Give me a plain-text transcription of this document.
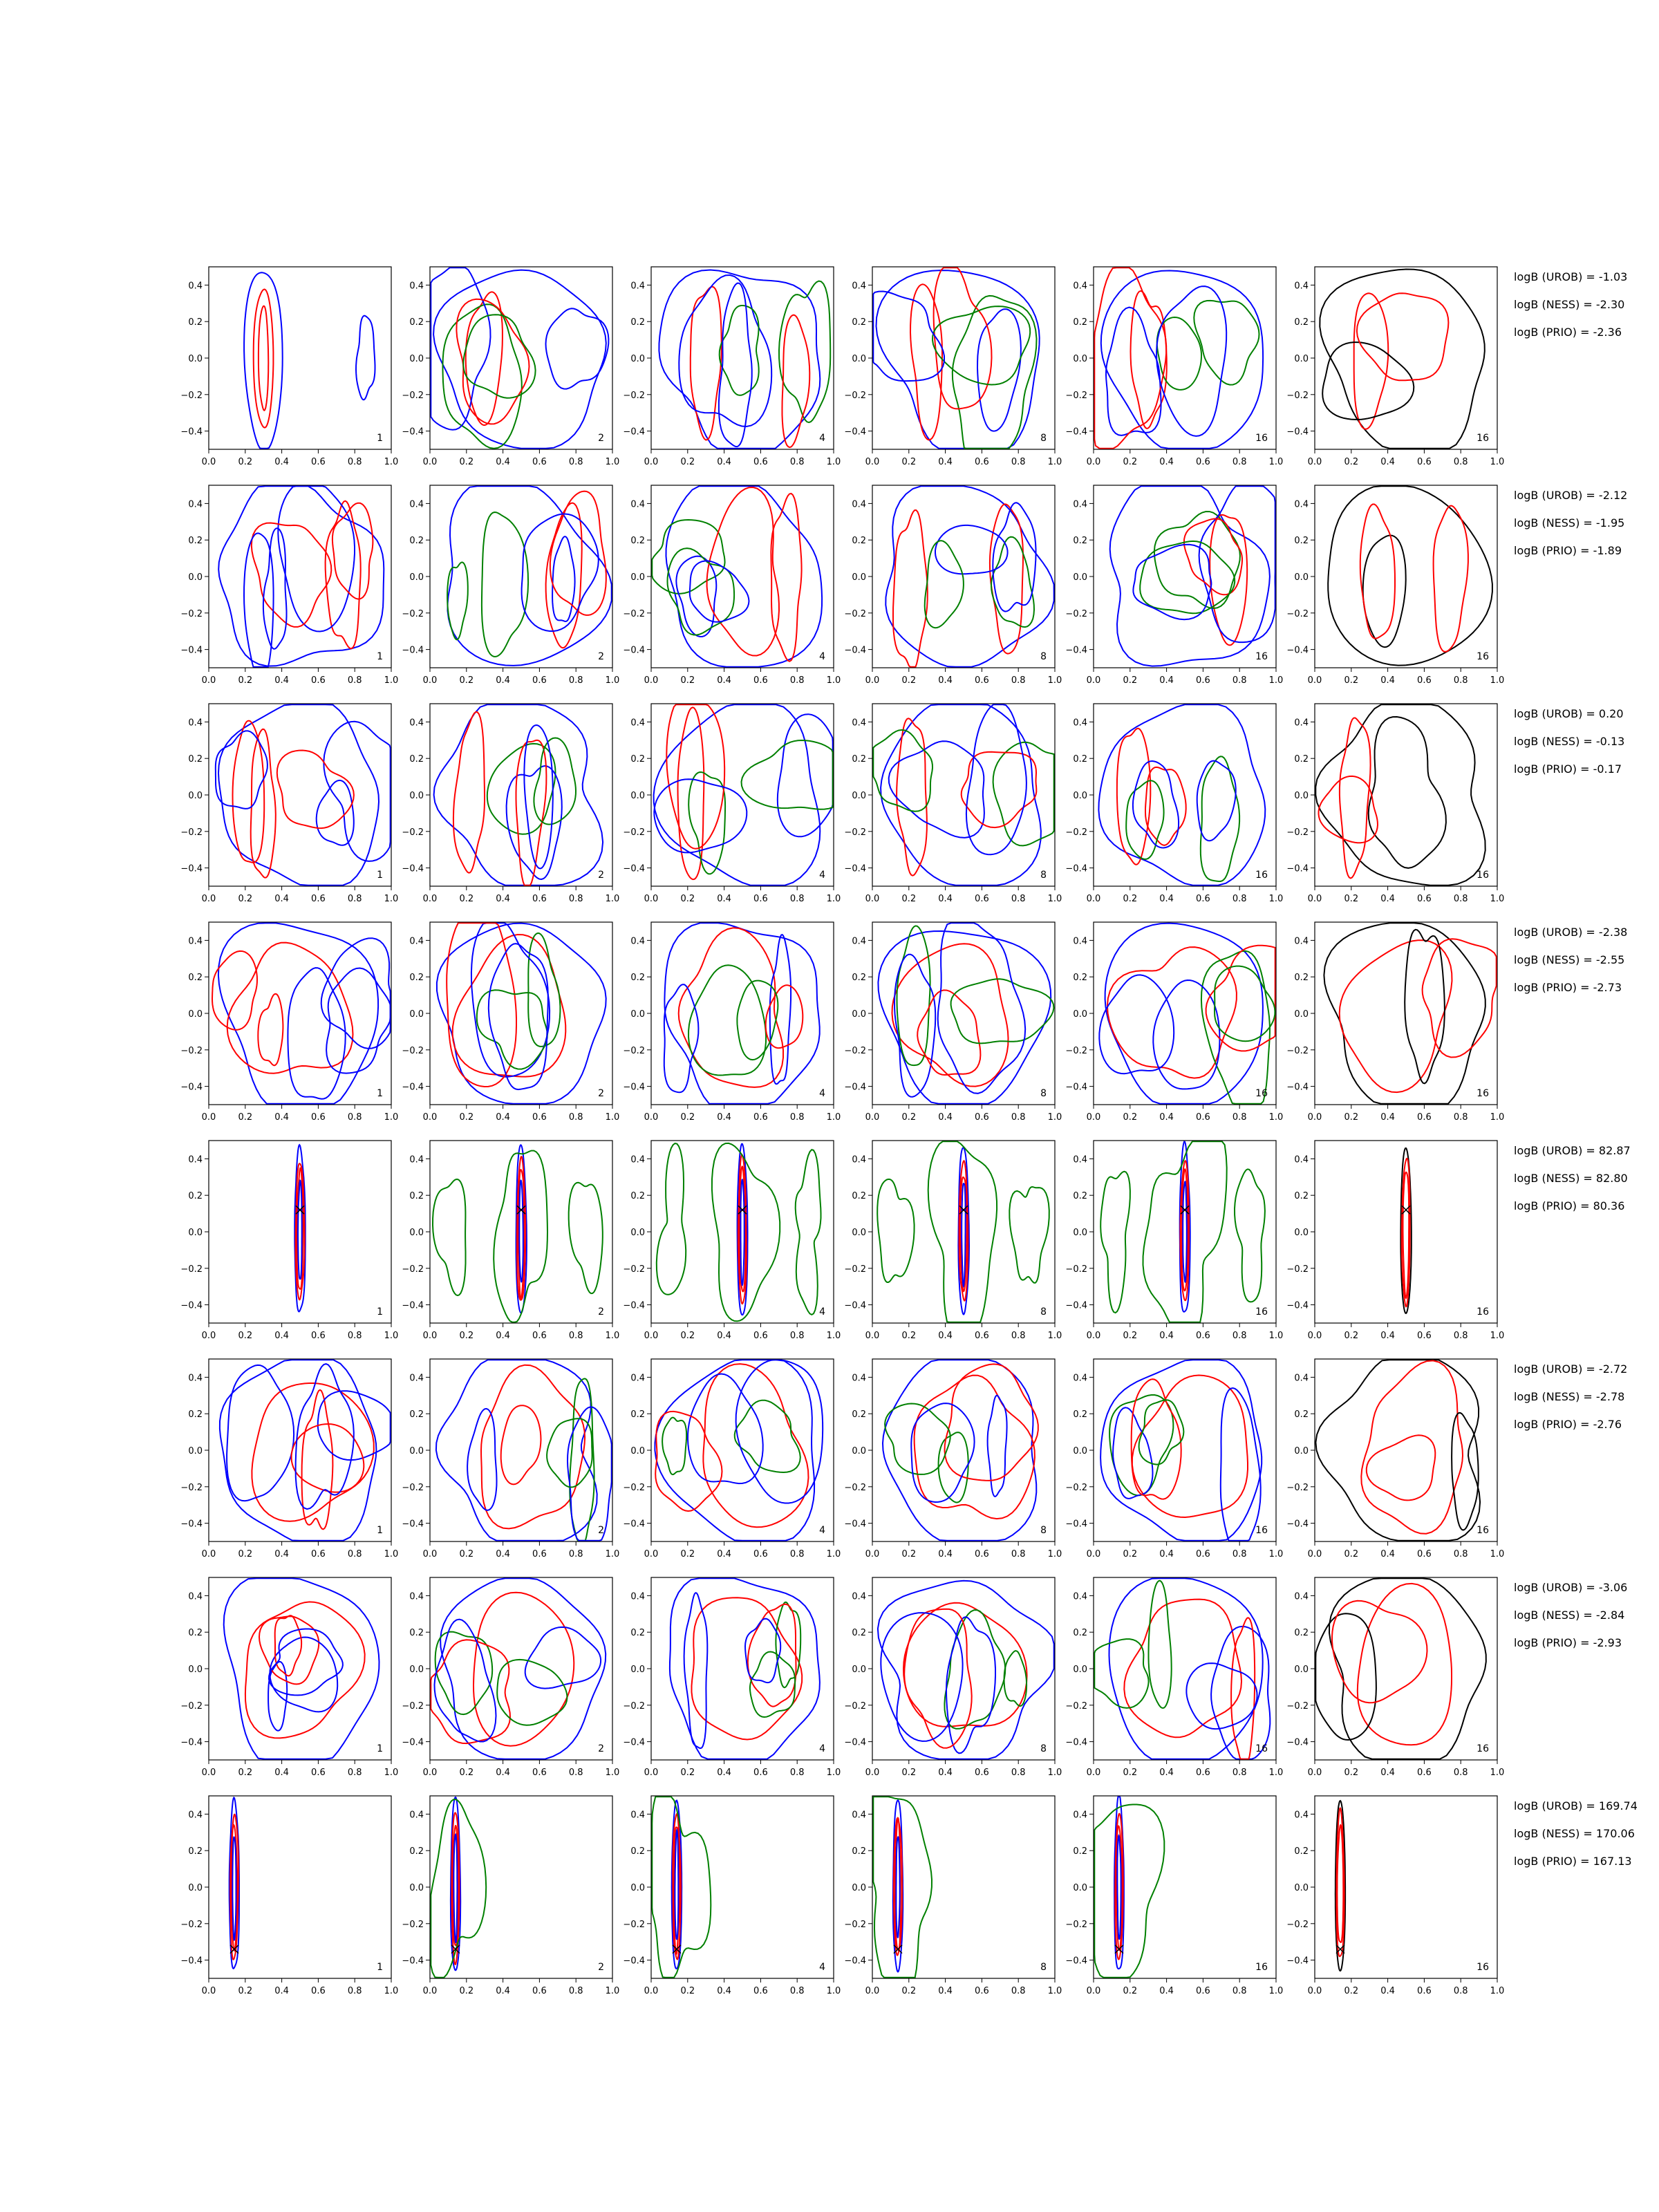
0.0 0.2 0.4 0.6 0.8 1.0
0.4
0.2
0.0
−0.2
−0.4
1
0.0 0.2 0.4 0.6 0.8 1.0
0.4
0.2
0.0
−0.2
−0.4
2
0.0 0.2 0.4 0.6 0.8 1.0
0.4
0.2
0.0
−0.2
−0.4
4
0.0 0.2 0.4 0.6 0.8 1.0
0.4
0.2
0.0
−0.2
−0.4
8
0.0 0.2 0.4 0.6 0.8 1.0
0.4
0.2
0.0
−0.2
−0.4
16
0.0 0.2 0.4 0.6 0.8 1.0
0.4
0.2
0.0
−0.2
−0.4
16
0.0 0.2 0.4 0.6 0.8 1.0
0.4
0.2
0.0
−0.2
−0.4
1
0.0 0.2 0.4 0.6 0.8 1.0
0.4
0.2
0.0
−0.2
−0.4
2
0.0 0.2 0.4 0.6 0.8 1.0
0.4
0.2
0.0
−0.2
−0.4
4
0.0 0.2 0.4 0.6 0.8 1.0
0.4
0.2
0.0
−0.2
−0.4
8
0.0 0.2 0.4 0.6 0.8 1.0
0.4
0.2
0.0
−0.2
−0.4
16
0.0 0.2 0.4 0.6 0.8 1.0
0.4
0.2
0.0
−0.2
−0.4
16
0.0 0.2 0.4 0.6 0.8 1.0
0.4
0.2
0.0
−0.2
−0.4
1
0.0 0.2 0.4 0.6 0.8 1.0
0.4
0.2
0.0
−0.2
−0.4
2
0.0 0.2 0.4 0.6 0.8 1.0
0.4
0.2
0.0
−0.2
−0.4
4
0.0 0.2 0.4 0.6 0.8 1.0
0.4
0.2
0.0
−0.2
−0.4
8
0.0 0.2 0.4 0.6 0.8 1.0
0.4
0.2
0.0
−0.2
−0.4
16
0.0 0.2 0.4 0.6 0.8 1.0
0.4
0.2
0.0
−0.2
−0.4
16
0.0 0.2 0.4 0.6 0.8 1.0
0.4
0.2
0.0
−0.2
−0.4
1
0.0 0.2 0.4 0.6 0.8 1.0
0.4
0.2
0.0
−0.2
−0.4
2
0.0 0.2 0.4 0.6 0.8 1.0
0.4
0.2
0.0
−0.2
−0.4
4
0.0 0.2 0.4 0.6 0.8 1.0
0.4
0.2
0.0
−0.2
−0.4
8
0.0 0.2 0.4 0.6 0.8 1.0
0.4
0.2
0.0
−0.2
−0.4
16
0.0 0.2 0.4 0.6 0.8 1.0
0.4
0.2
0.0
−0.2
−0.4
16
0.0 0.2 0.4 0.6 0.8 1.0
0.4
0.2
0.0
−0.2
−0.4
1
0.0 0.2 0.4 0.6 0.8 1.0
0.4
0.2
0.0
−0.2
−0.4
2
0.0 0.2 0.4 0.6 0.8 1.0
0.4
0.2
0.0
−0.2
−0.4
4
0.0 0.2 0.4 0.6 0.8 1.0
0.4
0.2
0.0
−0.2
−0.4
8
0.0 0.2 0.4 0.6 0.8 1.0
0.4
0.2
0.0
−0.2
−0.4
16
0.0 0.2 0.4 0.6 0.8 1.0
0.4
0.2
0.0
−0.2
−0.4
16
0.0 0.2 0.4 0.6 0.8 1.0
0.4
0.2
0.0
−0.2
−0.4
1
0.0 0.2 0.4 0.6 0.8 1.0
0.4
0.2
0.0
−0.2
−0.4
2
0.0 0.2 0.4 0.6 0.8 1.0
0.4
0.2
0.0
−0.2
−0.4
4
0.0 0.2 0.4 0.6 0.8 1.0
0.4
0.2
0.0
−0.2
−0.4
8
0.0 0.2 0.4 0.6 0.8 1.0
0.4
0.2
0.0
−0.2
−0.4
16
0.0 0.2 0.4 0.6 0.8 1.0
0.4
0.2
0.0
−0.2
−0.4
16
0.0 0.2 0.4 0.6 0.8 1.0
0.4
0.2
0.0
−0.2
−0.4
1
0.0 0.2 0.4 0.6 0.8 1.0
0.4
0.2
0.0
−0.2
−0.4
2
0.0 0.2 0.4 0.6 0.8 1.0
0.4
0.2
0.0
−0.2
−0.4
4
0.0 0.2 0.4 0.6 0.8 1.0
0.4
0.2
0.0
−0.2
−0.4
8
0.0 0.2 0.4 0.6 0.8 1.0
0.4
0.2
0.0
−0.2
−0.4
16
0.0 0.2 0.4 0.6 0.8 1.0
0.4
0.2
0.0
−0.2
−0.4
16
0.0 0.2 0.4 0.6 0.8 1.0
0.4
0.2
0.0
−0.2
−0.4
1
0.0 0.2 0.4 0.6 0.8 1.0
0.4
0.2
0.0
−0.2
−0.4
2
0.0 0.2 0.4 0.6 0.8 1.0
0.4
0.2
0.0
−0.2
−0.4
4
0.0 0.2 0.4 0.6 0.8 1.0
0.4
0.2
0.0
−0.2
−0.4
8
0.0 0.2 0.4 0.6 0.8 1.0
0.4
0.2
0.0
−0.2
−0.4
16
0.0 0.2 0.4 0.6 0.8 1.0
0.4
0.2
0.0
−0.2
−0.4
16
logB (UROB) = -1.03
logB (NESS) = -2.30
logB (PRIO) = -2.36
logB (UROB) = -2.12
logB (NESS) = -1.95
logB (PRIO) = -1.89
logB (UROB) = 0.20
logB (NESS) = -0.13
logB (PRIO) = -0.17
logB (UROB) = -2.38
logB (NESS) = -2.55
logB (PRIO) = -2.73
logB (UROB) = 82.87
logB (NESS) = 82.80
logB (PRIO) = 80.36
logB (UROB) = -2.72
logB (NESS) = -2.78
logB (PRIO) = -2.76
logB (UROB) = -3.06
logB (NESS) = -2.84
logB (PRIO) = -2.93
logB (UROB) = 169.74
logB (NESS) = 170.06
logB (PRIO) = 167.13
